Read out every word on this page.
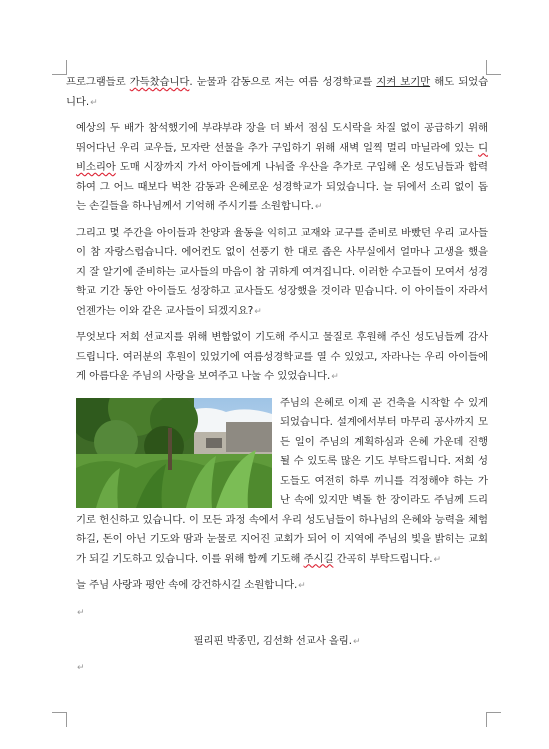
프로그램들로 가득찼습니다. 눈물과 감동으로 저는 여름 성경학교를 지켜 보기만 해도 되었습니다.↵

예상의 두 배가 참석했기에 부랴부랴 장을 더 봐서 점심 도시락을 차질 없이 공급하기 위해 뛰어다닌 우리 교우들, 모자란 선물을 추가 구입하기 위해 새벽 일찍 멀리 마닐라에 있는 디비소리아 도매 시장까지 가서 아이들에게 나눠줄 우산을 추가로 구입해 온 성도님들과 합력하여 그 어느 때보다 벅찬 감동과 은혜로운 성경학교가 되었습니다. 늘 뒤에서 소리 없이 돕는 손길들을 하나님께서 기억해 주시기를 소원합니다.↵

그리고 몇 주간을 아이들과 찬양과 율동을 익히고 교재와 교구를 준비로 바빴던 우리 교사들이 참 자랑스럽습니다. 에어컨도 없이 선풍기 한 대로 좁은 사무실에서 얼마나 고생을 했을 지 잘 알기에 준비하는 교사들의 마음이 참 귀하게 여겨집니다. 이러한 수고들이 모여서 성경학교 기간 동안 아이들도 성장하고 교사들도 성장했을 것이라 믿습니다. 이 아이들이 자라서 언젠가는 이와 같은 교사들이 되겠지요?↵

무엇보다 저희 선교지를 위해 변함없이 기도해 주시고 물질로 후원해 주신 성도님들께 감사드립니다. 여러분의 후원이 있었기에 여름성경학교를 열 수 있었고, 자라나는 우리 아이들에게 아름다운 주님의 사랑을 보여주고 나눌 수 있었습니다.↵

주님의 은혜로 이제 곧 건축을 시작할 수 있게 되었습니다. 설계에서부터 마무리 공사까지 모든 일이 주님의 계획하심과 은혜 가운데 진행될 수 있도록 많은 기도 부탁드립니다. 저희 성도들도 여전히 하루 끼니를 걱정해야 하는 가난 속에 있지만 벽돌 한 장이라도 주님께 드리기로 헌신하고 있습니다. 이 모든 과정 속에서 우리 성도님들이 하나님의 은혜와 능력을 체험하길, 돈이 아닌 기도와 땀과 눈물로 지어진 교회가 되어 이 지역에 주님의 빛을 밝히는 교회가 되길 기도하고 있습니다. 이를 위해 함께 기도해 주시길 간곡히 부탁드립니다.↵

늘 주님 사랑과 평안 속에 강건하시길 소원합니다.↵

↵

필리핀 박종민, 김선화 선교사 올림.↵

↵
